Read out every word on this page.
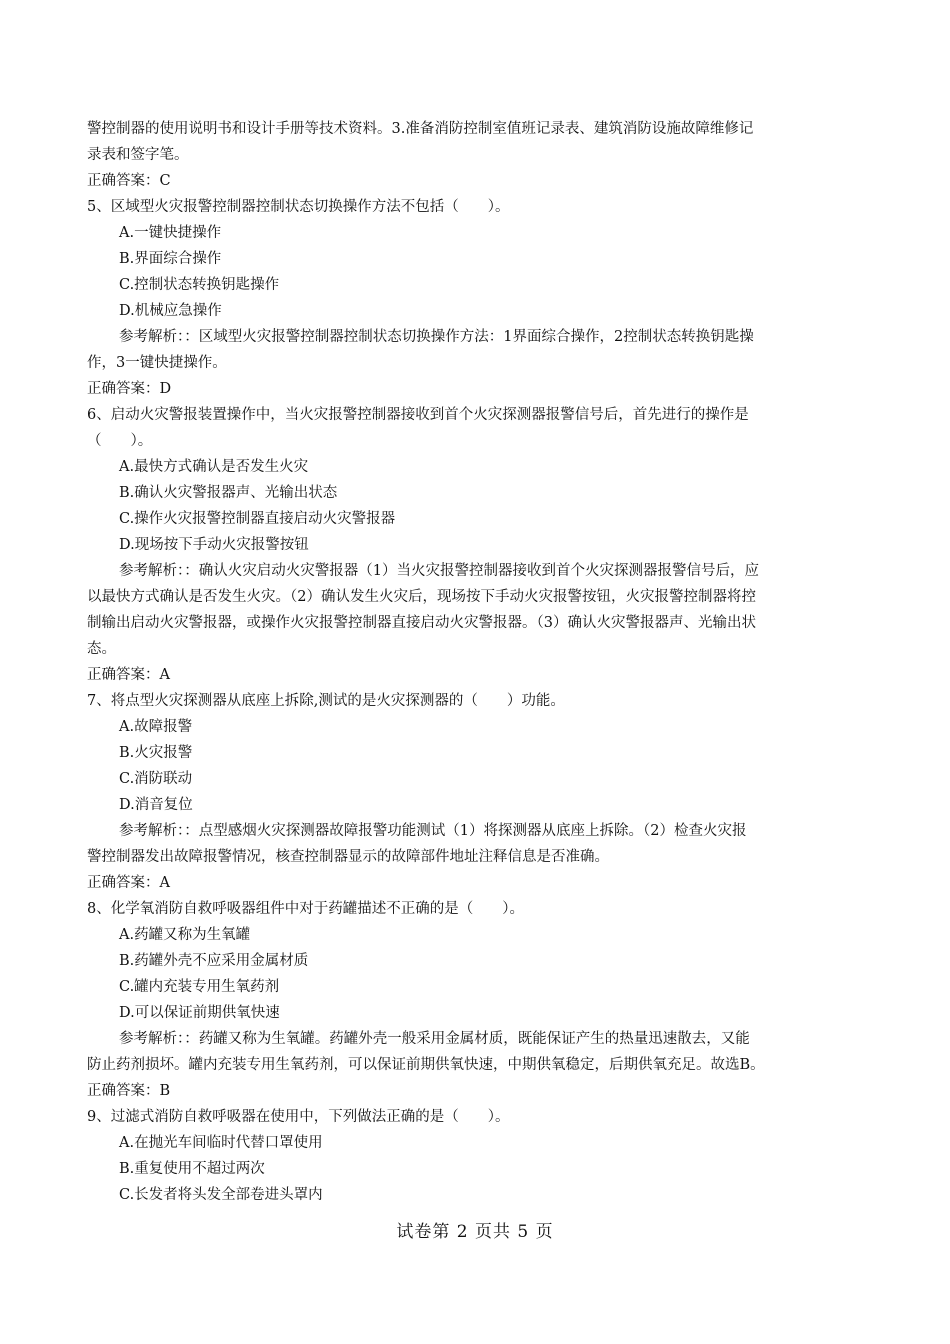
警控制器的使用说明书和设计手册等技术资料。3.准备消防控制室值班记录表、建筑消防设施故障维修记
录表和签字笔。
正确答案：C
5、区域型火灾报警控制器控制状态切换操作方法不包括（　　）。
A.一键快捷操作
B.界面综合操作
C.控制状态转换钥匙操作
D.机械应急操作
参考解析：：区域型火灾报警控制器控制状态切换操作方法：1界面综合操作，2控制状态转换钥匙操
作，3一键快捷操作。
正确答案：D
6、启动火灾警报装置操作中，当火灾报警控制器接收到首个火灾探测器报警信号后，首先进行的操作是
（　　）。
A.最快方式确认是否发生火灾
B.确认火灾警报器声、光输出状态
C.操作火灾报警控制器直接启动火灾警报器
D.现场按下手动火灾报警按钮
参考解析：：确认火灾启动火灾警报器（1）当火灾报警控制器接收到首个火灾探测器报警信号后，应
以最快方式确认是否发生火灾。（2）确认发生火灾后，现场按下手动火灾报警按钮，火灾报警控制器将控
制输出启动火灾警报器，或操作火灾报警控制器直接启动火灾警报器。（3）确认火灾警报器声、光输出状
态。
正确答案：A
7、将点型火灾探测器从底座上拆除,测试的是火灾探测器的（　　）功能。
A.故障报警
B.火灾报警
C.消防联动
D.消音复位
参考解析：：点型感烟火灾探测器故障报警功能测试（1）将探测器从底座上拆除。（2）检查火灾报
警控制器发出故障报警情况，核查控制器显示的故障部件地址注释信息是否准确。
正确答案：A
8、化学氧消防自救呼吸器组件中对于药罐描述不正确的是（　　）。
A.药罐又称为生氧罐
B.药罐外壳不应采用金属材质
C.罐内充装专用生氧药剂
D.可以保证前期供氧快速
参考解析：：药罐又称为生氧罐。药罐外壳一般采用金属材质，既能保证产生的热量迅速散去，又能
防止药剂损坏。罐内充装专用生氧药剂，可以保证前期供氧快速，中期供氧稳定，后期供氧充足。故选B。
正确答案：B
9、过滤式消防自救呼吸器在使用中，下列做法正确的是（　　）。
A.在抛光车间临时代替口罩使用
B.重复使用不超过两次
C.长发者将头发全部卷进头罩内
试卷第 2 页共 5 页
